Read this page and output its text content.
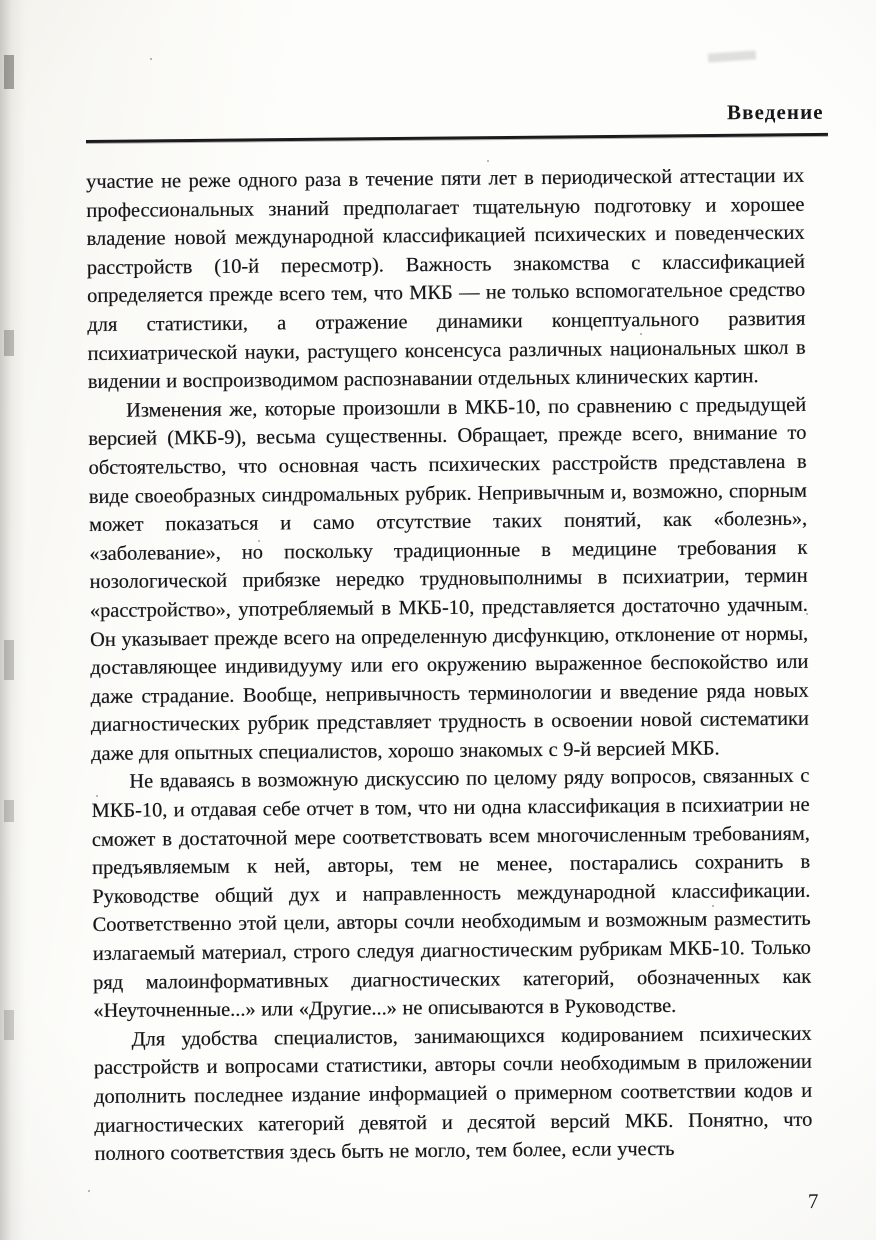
Введение

участие не реже одного раза в течение пяти лет в периодической аттестации их профессиональных знаний предполагает тщательную подготовку и хорошее владение новой международной классификацией психических и поведенческих расстройств (10-й пересмотр). Важность знакомства с классификацией определяется прежде всего тем, что МКБ — не только вспомогательное средство для статистики, а отражение динамики концептуального развития психиатрической науки, растущего консенсуса различных национальных школ в видении и воспроизводимом распознавании отдельных клинических картин.

Изменения же, которые произошли в МКБ-10, по сравнению с предыдущей версией (МКБ-9), весьма существенны. Обращает, прежде всего, внимание то обстоятельство, что основная часть психических расстройств представлена в виде своеобразных синдромальных рубрик. Непривычным и, возможно, спорным может показаться и само отсутствие таких понятий, как «болезнь», «заболевание», но поскольку традиционные в медицине требования к нозологической прибязке нередко трудновыполнимы в психиатрии, термин «расстройство», употребляемый в МКБ-10, представляется достаточно удачным. Он указывает прежде всего на определенную дисфункцию, отклонение от нормы, доставляющее индивидууму или его окружению выраженное беспокойство или даже страдание. Вообще, непривычность терминологии и введение ряда новых диагностических рубрик представляет трудность в освоении новой систематики даже для опытных специалистов, хорошо знакомых с 9-й версией МКБ.

Не вдаваясь в возможную дискуссию по целому ряду вопросов, связанных с МКБ-10, и отдавая себе отчет в том, что ни одна классификация в психиатрии не сможет в достаточной мере соответствовать всем многочисленным требованиям, предъявляемым к ней, авторы, тем не менее, постарались сохранить в Руководстве общий дух и направленность международной классификации. Соответственно этой цели, авторы сочли необходимым и возможным разместить излагаемый материал, строго следуя диагностическим рубрикам МКБ-10. Только ряд малоинформативных диагностических категорий, обозначенных как «Неуточненные...» или «Другие...» не описываются в Руководстве.

Для удобства специалистов, занимающихся кодированием психических расстройств и вопросами статистики, авторы сочли необходимым в приложении дополнить последнее издание информацией о примерном соответствии кодов и диагностических категорий девятой и десятой версий МКБ. Понятно, что полного соответствия здесь быть не могло, тем более, если учесть

7
